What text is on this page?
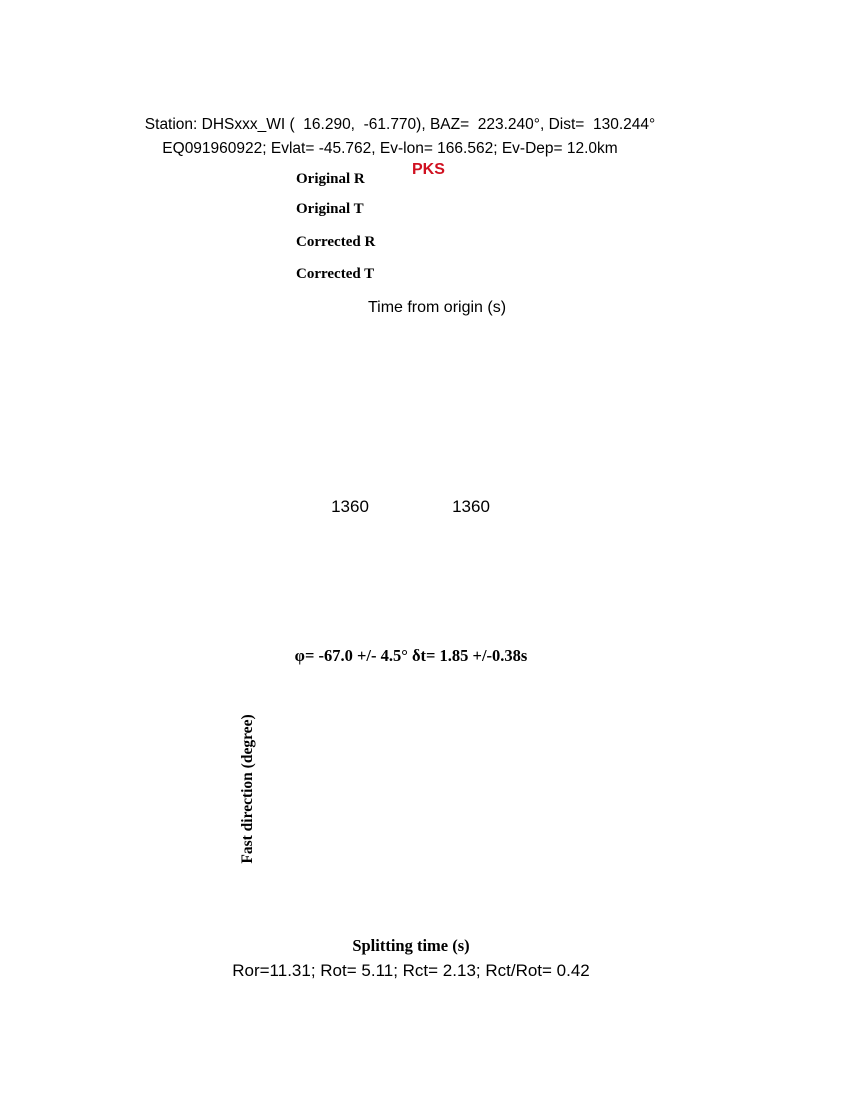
Station: DHSxxx_WI (  16.290,  -61.770), BAZ=  223.240°, Dist=  130.244°
EQ091960922; Evlat= -45.762, Ev-lon= 166.562; Ev-Dep= 12.0km
PKS
Original R
Original T
Corrected R
Corrected T
Time from origin (s)
1360	1360
φ= -67.0 +/- 4.5° δt= 1.85 +/-0.38s
Fast direction (degree)
Splitting time (s)
Ror=11.31; Rot= 5.11; Rct= 2.13; Rct/Rot= 0.42
